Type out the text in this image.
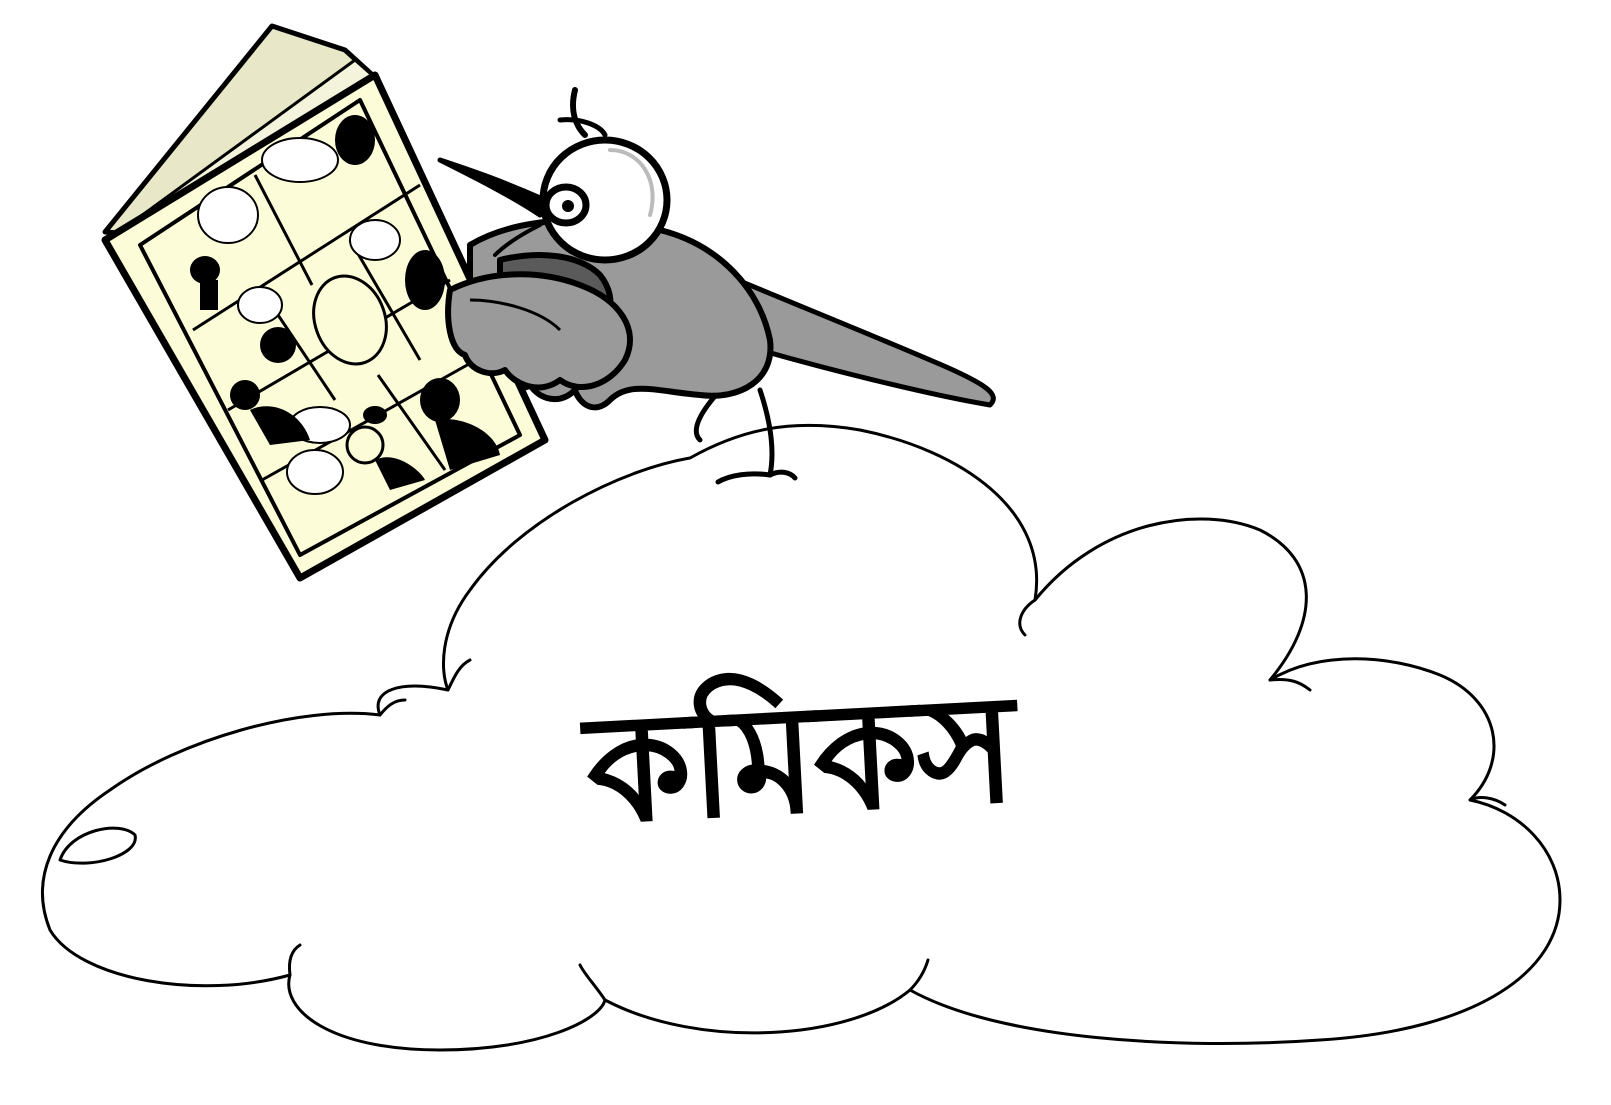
কমিকস
